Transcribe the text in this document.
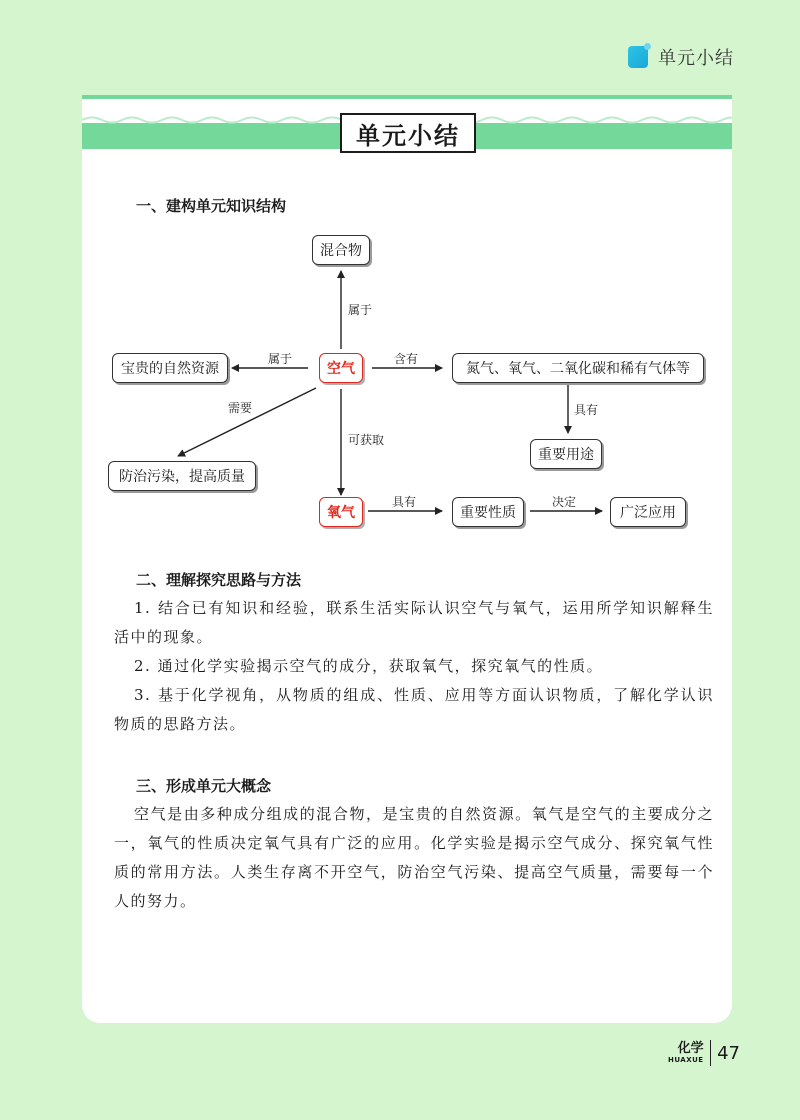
单元小结
单元小结
一、建构单元知识结构
混合物
宝贵的自然资源	空气	氮气、氧气、二氧化碳和稀有气体等
防治污染，提高质量
重要用途
氧气	重要性质	广泛应用
属于
属于	含有
需要
可获取
具有
具有	决定
二、理解探究思路与方法
1. 结合已有知识和经验，联系生活实际认识空气与氧气，运用所学知识解释生活中的现象。
2. 通过化学实验揭示空气的成分，获取氧气，探究氧气的性质。
3. 基于化学视角，从物质的组成、性质、应用等方面认识物质，了解化学认识物质的思路方法。
三、形成单元大概念
空气是由多种成分组成的混合物，是宝贵的自然资源。氧气是空气的主要成分之一，氧气的性质决定氧气具有广泛的应用。化学实验是揭示空气成分、探究氧气性质的常用方法。人类生存离不开空气，防治空气污染、提高空气质量，需要每一个人的努力。
化学
HUAXUE 47
